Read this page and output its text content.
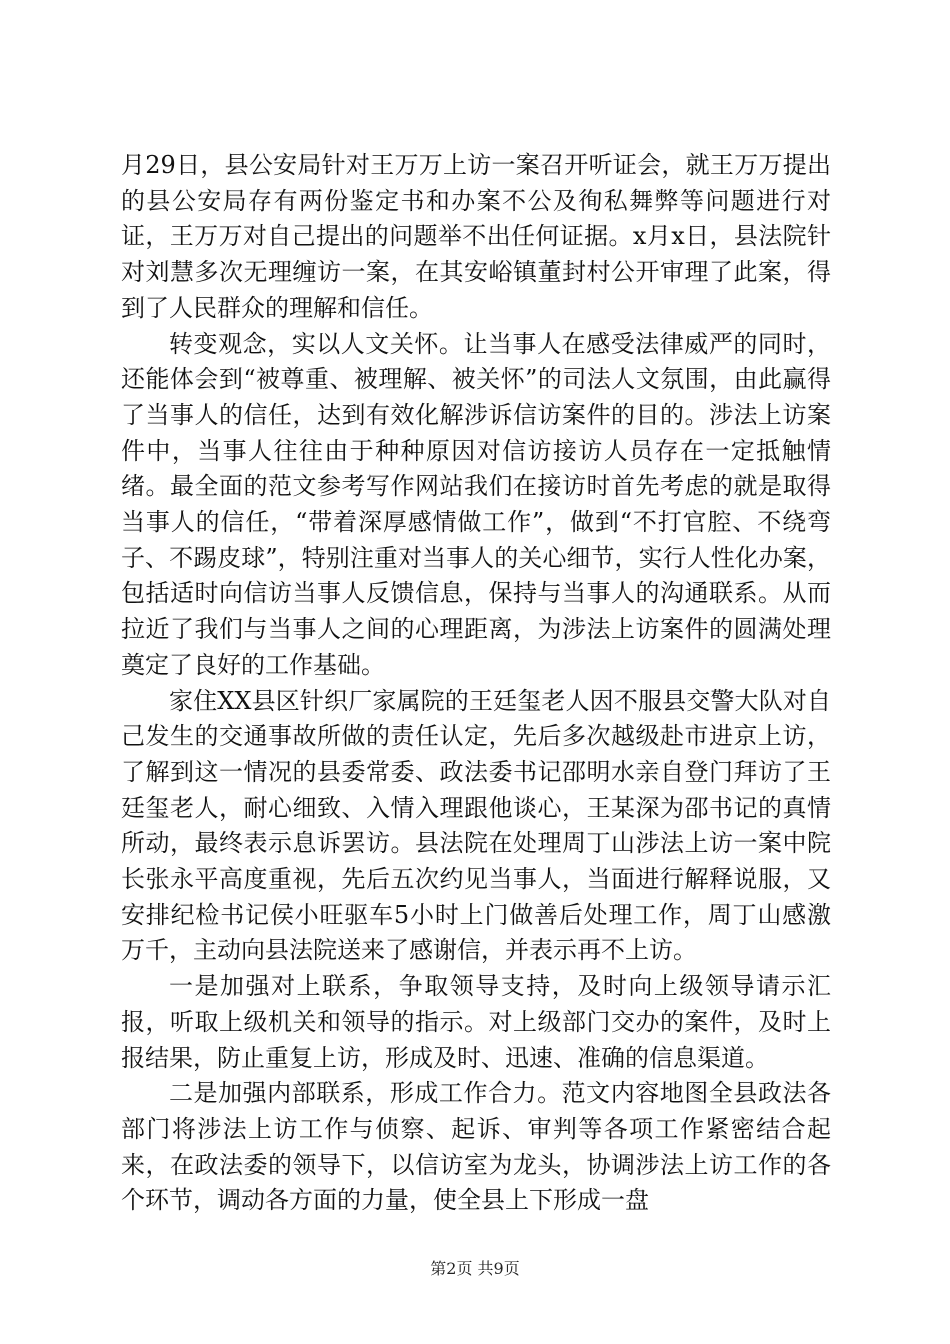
月29日，县公安局针对王万万上访一案召开听证会，就王万万提出的县公安局存有两份鉴定书和办案不公及徇私舞弊等问题进行对证，王万万对自己提出的问题举不出任何证据。x月x日，县法院针对刘慧多次无理缠访一案，在其安峪镇董封村公开审理了此案，得到了人民群众的理解和信任。

转变观念，实以人文关怀。让当事人在感受法律威严的同时，还能体会到“被尊重、被理解、被关怀”的司法人文氛围，由此赢得了当事人的信任，达到有效化解涉诉信访案件的目的。涉法上访案件中，当事人往往由于种种原因对信访接访人员存在一定抵触情绪。最全面的范文参考写作网站我们在接访时首先考虑的就是取得当事人的信任，“带着深厚感情做工作”，做到“不打官腔、不绕弯子、不踢皮球”，特别注重对当事人的关心细节，实行人性化办案，包括适时向信访当事人反馈信息，保持与当事人的沟通联系。从而拉近了我们与当事人之间的心理距离，为涉法上访案件的圆满处理奠定了良好的工作基础。

家住XX县区针织厂家属院的王廷玺老人因不服县交警大队对自己发生的交通事故所做的责任认定，先后多次越级赴市进京上访，了解到这一情况的县委常委、政法委书记邵明水亲自登门拜访了王廷玺老人，耐心细致、入情入理跟他谈心，王某深为邵书记的真情所动，最终表示息诉罢访。县法院在处理周丁山涉法上访一案中院长张永平高度重视，先后五次约见当事人，当面进行解释说服，又安排纪检书记侯小旺驱车5小时上门做善后处理工作，周丁山感激万千，主动向县法院送来了感谢信，并表示再不上访。

一是加强对上联系，争取领导支持，及时向上级领导请示汇报，听取上级机关和领导的指示。对上级部门交办的案件，及时上报结果，防止重复上访，形成及时、迅速、准确的信息渠道。

二是加强内部联系，形成工作合力。范文内容地图全县政法各部门将涉法上访工作与侦察、起诉、审判等各项工作紧密结合起来，在政法委的领导下，以信访室为龙头，协调涉法上访工作的各个环节，调动各方面的力量，使全县上下形成一盘

第2页 共9页
